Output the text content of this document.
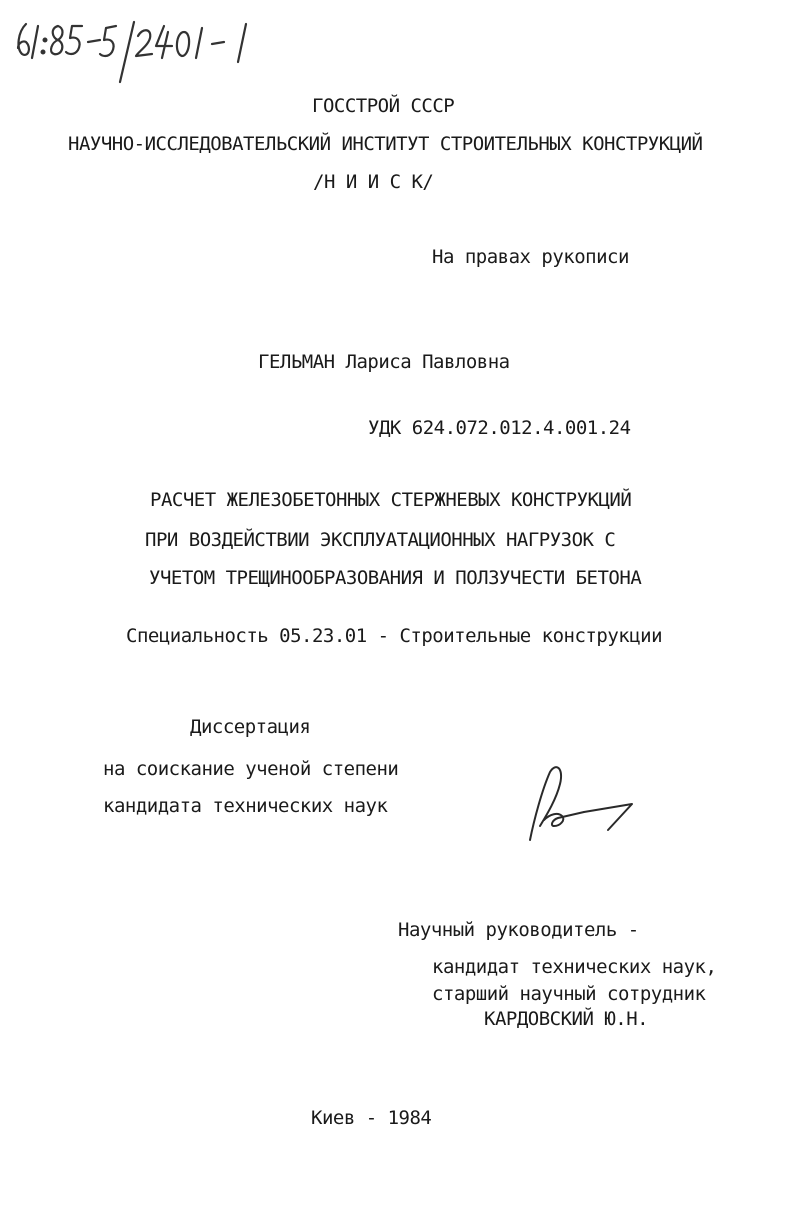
ГОССТРОЙ СССР
НАУЧНО-ИССЛЕДОВАТЕЛЬСКИЙ ИНСТИТУТ СТРОИТЕЛЬНЫХ КОНСТРУКЦИЙ
/Н И И С К/
На правах рукописи
ГЕЛЬМАН Лариса Павловна
УДК 624.072.012.4.001.24
РАСЧЕТ ЖЕЛЕЗОБЕТОННЫХ СТЕРЖНЕВЫХ КОНСТРУКЦИЙ
ПРИ ВОЗДЕЙСТВИИ ЭКСПЛУАТАЦИОННЫХ НАГРУЗОК С
УЧЕТОМ ТРЕЩИНООБРАЗОВАНИЯ И ПОЛЗУЧЕСТИ БЕТОНА
Специальность 05.23.01 - Строительные конструкции
Диссертация
на соискание ученой степени
кандидата технических наук
Научный руководитель -
кандидат технических наук,
старший научный сотрудник
КАРДОВСКИЙ Ю.Н.
Киев - 1984
